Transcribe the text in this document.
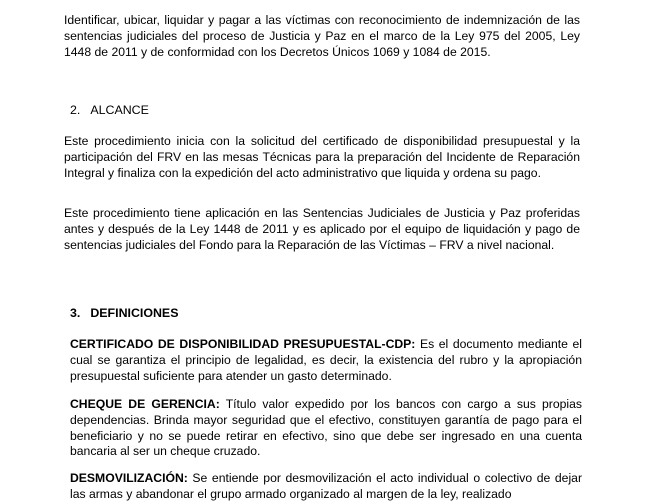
Identificar, ubicar, liquidar y pagar a las víctimas con reconocimiento de indemnización de las sentencias judiciales del proceso de Justicia y Paz en el marco de la Ley 975 del 2005, Ley 1448 de 2011 y de conformidad con los Decretos Únicos 1069 y 1084 de 2015.
2. ALCANCE
Este procedimiento inicia con la solicitud del certificado de disponibilidad presupuestal y la participación del FRV en las mesas Técnicas para la preparación del Incidente de Reparación Integral y finaliza con la expedición del acto administrativo que liquida y ordena su pago.
Este procedimiento tiene aplicación en las Sentencias Judiciales de Justicia y Paz proferidas antes y después de la Ley 1448 de 2011 y es aplicado por el equipo de liquidación y pago de sentencias judiciales del Fondo para la Reparación de las Víctimas – FRV a nivel nacional.
3. DEFINICIONES
CERTIFICADO DE DISPONIBILIDAD PRESUPUESTAL-CDP: Es el documento mediante el cual se garantiza el principio de legalidad, es decir, la existencia del rubro y la apropiación presupuestal suficiente para atender un gasto determinado.
CHEQUE DE GERENCIA: Título valor expedido por los bancos con cargo a sus propias dependencias. Brinda mayor seguridad que el efectivo, constituyen garantía de pago para el beneficiario y no se puede retirar en efectivo, sino que debe ser ingresado en una cuenta bancaria al ser un cheque cruzado.
DESMOVILIZACIÓN: Se entiende por desmovilización el acto individual o colectivo de dejar las armas y abandonar el grupo armado organizado al margen de la ley, realizado
